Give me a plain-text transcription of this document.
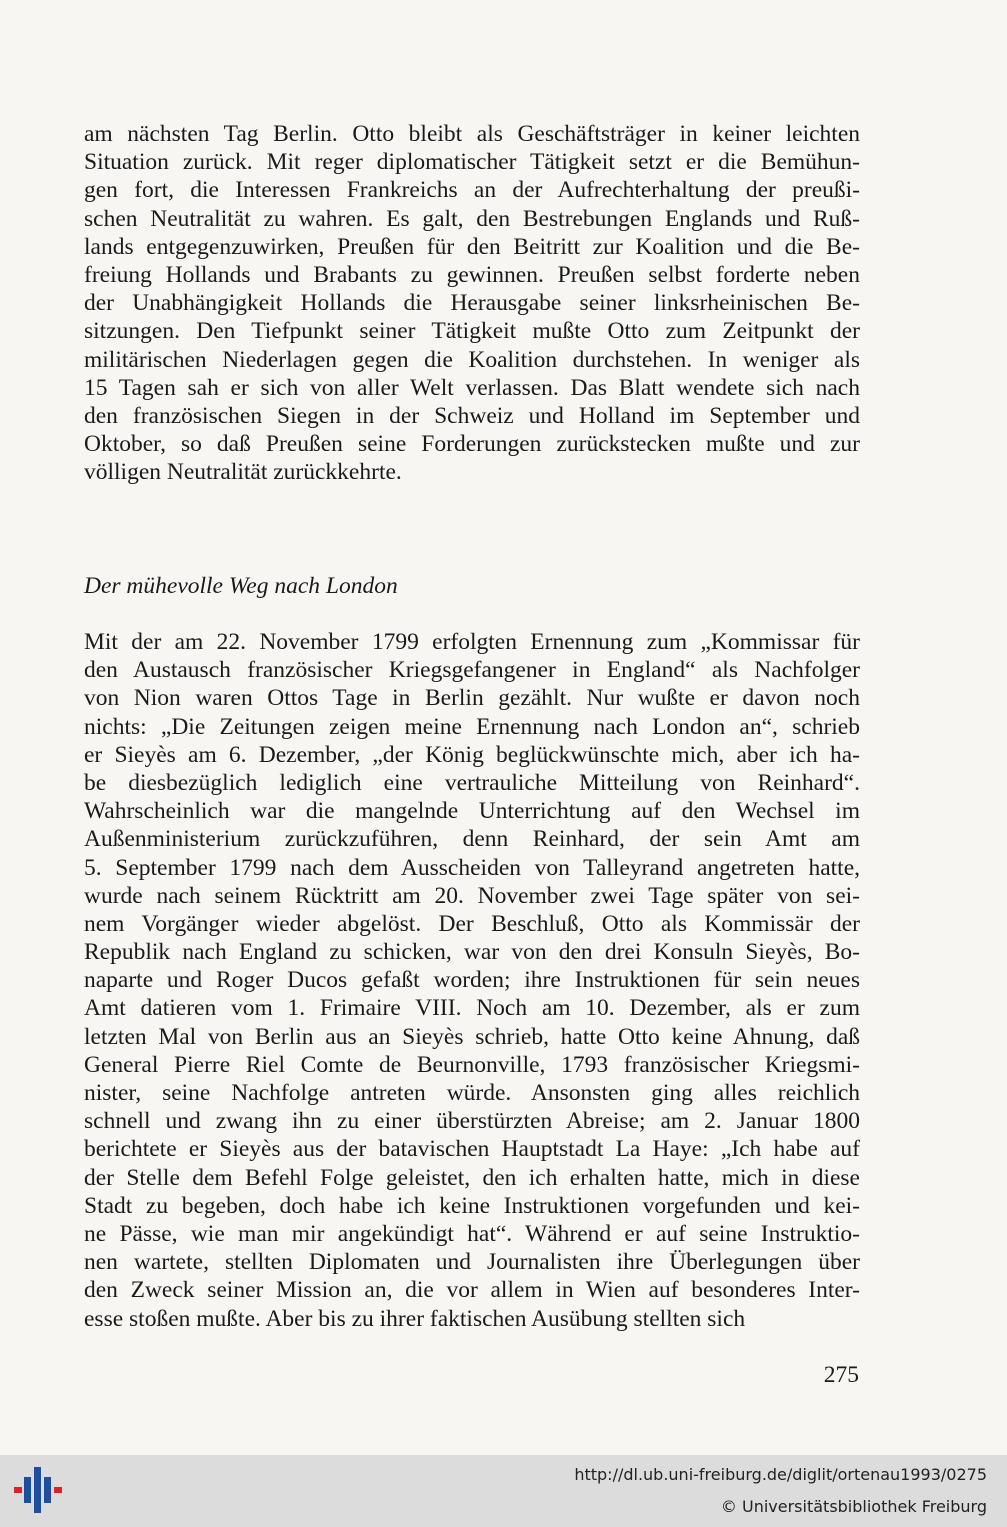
am nächsten Tag Berlin. Otto bleibt als Geschäftsträger in keiner leichten
Situation zurück. Mit reger diplomatischer Tätigkeit setzt er die Bemühun-
gen fort, die Interessen Frankreichs an der Aufrechterhaltung der preußi-
schen Neutralität zu wahren. Es galt, den Bestrebungen Englands und Ruß-
lands entgegenzuwirken, Preußen für den Beitritt zur Koalition und die Be-
freiung Hollands und Brabants zu gewinnen. Preußen selbst forderte neben
der Unabhängigkeit Hollands die Herausgabe seiner linksrheinischen Be-
sitzungen. Den Tiefpunkt seiner Tätigkeit mußte Otto zum Zeitpunkt der
militärischen Niederlagen gegen die Koalition durchstehen. In weniger als
15 Tagen sah er sich von aller Welt verlassen. Das Blatt wendete sich nach
den französischen Siegen in der Schweiz und Holland im September und
Oktober, so daß Preußen seine Forderungen zurückstecken mußte und zur
völligen Neutralität zurückkehrte.
Der mühevolle Weg nach London
Mit der am 22. November 1799 erfolgten Ernennung zum „Kommissar für
den Austausch französischer Kriegsgefangener in England“ als Nachfolger
von Nion waren Ottos Tage in Berlin gezählt. Nur wußte er davon noch
nichts: „Die Zeitungen zeigen meine Ernennung nach London an“, schrieb
er Sieyès am 6. Dezember, „der König beglückwünschte mich, aber ich ha-
be diesbezüglich lediglich eine vertrauliche Mitteilung von Reinhard“.
Wahrscheinlich war die mangelnde Unterrichtung auf den Wechsel im
Außenministerium zurückzuführen, denn Reinhard, der sein Amt am
5. September 1799 nach dem Ausscheiden von Talleyrand angetreten hatte,
wurde nach seinem Rücktritt am 20. November zwei Tage später von sei-
nem Vorgänger wieder abgelöst. Der Beschluß, Otto als Kommissär der
Republik nach England zu schicken, war von den drei Konsuln Sieyès, Bo-
naparte und Roger Ducos gefaßt worden; ihre Instruktionen für sein neues
Amt datieren vom 1. Frimaire VIII. Noch am 10. Dezember, als er zum
letzten Mal von Berlin aus an Sieyès schrieb, hatte Otto keine Ahnung, daß
General Pierre Riel Comte de Beurnonville, 1793 französischer Kriegsmi-
nister, seine Nachfolge antreten würde. Ansonsten ging alles reichlich
schnell und zwang ihn zu einer überstürzten Abreise; am 2. Januar 1800
berichtete er Sieyès aus der batavischen Hauptstadt La Haye: „Ich habe auf
der Stelle dem Befehl Folge geleistet, den ich erhalten hatte, mich in diese
Stadt zu begeben, doch habe ich keine Instruktionen vorgefunden und kei-
ne Pässe, wie man mir angekündigt hat“. Während er auf seine Instruktio-
nen wartete, stellten Diplomaten und Journalisten ihre Überlegungen über
den Zweck seiner Mission an, die vor allem in Wien auf besonderes Inter-
esse stoßen mußte. Aber bis zu ihrer faktischen Ausübung stellten sich
275
http://dl.ub.uni-freiburg.de/diglit/ortenau1993/0275
© Universitätsbibliothek Freiburg
